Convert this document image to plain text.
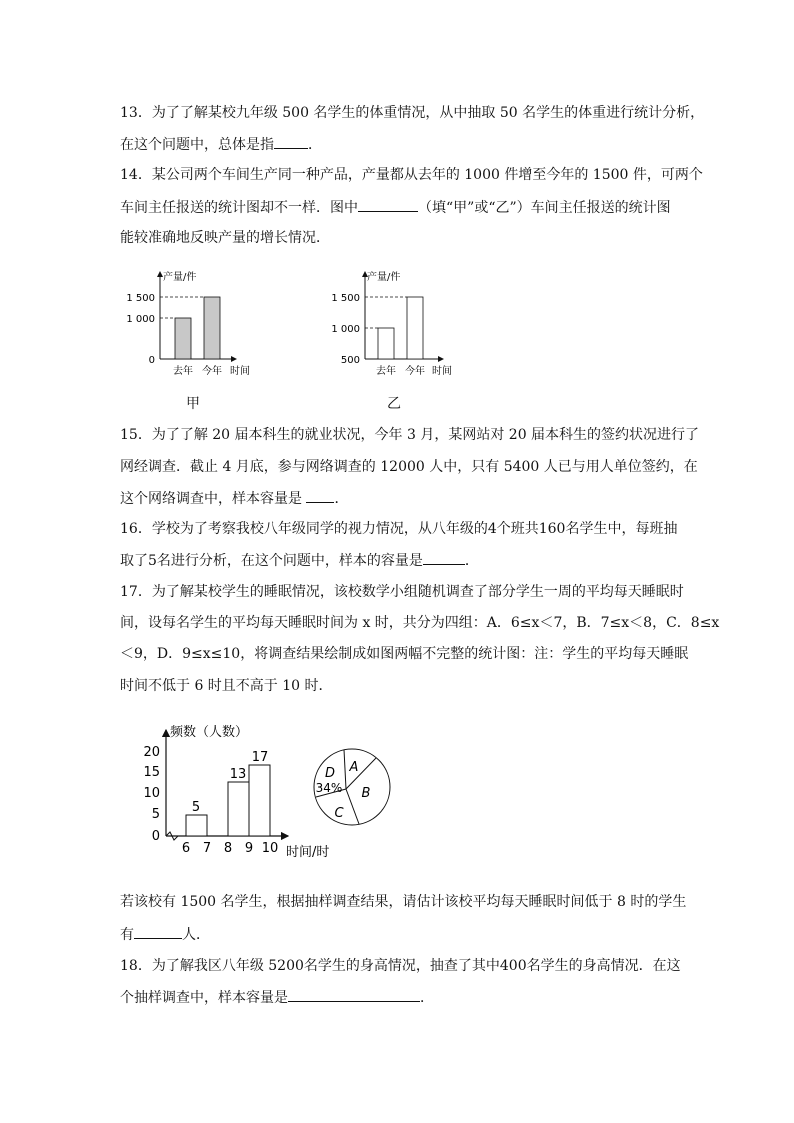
13．为了了解某校九年级 500 名学生的体重情况，从中抽取 50 名学生的体重进行统计分析，
在这个问题中，总体是指 ．
14．某公司两个车间生产同一种产品，产量都从去年的 1000 件增至今年的 1500 件，可两个
车间主任报送的统计图却不一样．图中	（填“甲”或“乙”）车间主任报送的统计图
能较准确地反映产量的增长情况．
产量/件
1 500
1 000
0
去年 今年 时间
甲
产量/件
1 500
1 000
500
去年 今年 时间
乙
15．为了了解 20 届本科生的就业状况，今年 3 月，某网站对 20 届本科生的签约状况进行了
网经调查．截止 4 月底，参与网络调查的 12000 人中，只有 5400 人已与用人单位签约，在
这个网络调查中，样本容量是 ．
16．学校为了考察我校八年级同学的视力情况，从八年级的4个班共160名学生中，每班抽
取了5名进行分析，在这个问题中，样本的容量是	．
17．为了解某校学生的睡眠情况，该校数学小组随机调查了部分学生一周的平均每天睡眠时
间，设每名学生的平均每天睡眠时间为 x 时，共分为四组：A．6≤x＜7，B．7≤x＜8，C．8≤x
＜9，D．9≤x≤10，将调查结果绘制成如图两幅不完整的统计图：注：学生的平均每天睡眠
时间不低于 6 时且不高于 10 时．
频数（人数）
20
15
10
5
0
5
13
17
6 7 8 9 10 时间/时
A
B
C
D
34%
若该校有 1500 名学生，根据抽样调查结果，请估计该校平均每天睡眠时间低于 8 时的学生
有	人．
18．为了解我区八年级 5200名学生的身高情况，抽查了其中400名学生的身高情况．在这
个抽样调查中，样本容量是	．
